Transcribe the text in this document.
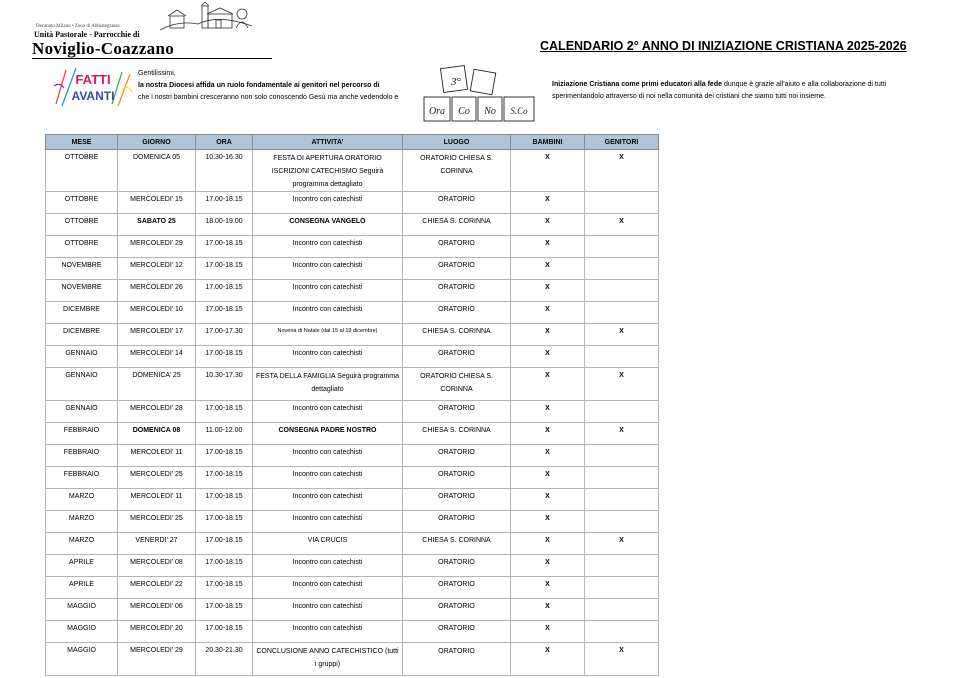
Decanato Milano • Zona di Abbiategrasso
Unità Pastorale - Parrocchie di
Noviglio-Coazzano	CALENDARIO 2° ANNO DI INIZIAZIONE CRISTIANA 2025-2026
FATTI
AVANTI
Gentilissimi,
la nostra Diocesi affida un ruolo fondamentale ai genitori nel percorso di
che i nostri bambini cresceranno non solo conoscendo Gesù ma anche vedendolo e
3°
Ora Co No S.Co
Iniziazione Cristiana come primi educatori alla fede dunque è grazie all’aiuto e alla collaborazione di tutti
sperimentandolo attraverso di noi nella comunità dei cristiani che siamo tutti noi insieme.
MESE	GIORNO	ORA	ATTIVITA’	LUOGO	BAMBINI	GENITORI
OTTOBRE	DOMENICA 05	10.30-16.30	FESTA DI APERTURA ORATORIO ISCRIZIONI CATECHISMO Seguirà programma dettagliato	ORATORIO CHIESA S. CORINNA	X	X
OTTOBRE	MERCOLEDI’ 15	17.00-18.15	Incontro con catechisti	ORATORIO	X	
OTTOBRE	SABATO 25	18.00-19.00	CONSEGNA VANGELO	CHIESA S. CORINNA	X	X
OTTOBRE	MERCOLEDI’ 29	17.00-18.15	Incontro con catechisti	ORATORIO	X	
NOVEMBRE	MERCOLEDI’ 12	17.00-18.15	Incontro con catechisti	ORATORIO	X	
NOVEMBRE	MERCOLEDI’ 26	17.00-18.15	Incontro con catechisti	ORATORIO	X	
DICEMBRE	MERCOLEDI’ 10	17.00-18.15	Incontro con catechisti	ORATORIO	X	
DICEMBRE	MERCOLEDI’ 17	17.00-17.30	Novena di Natale (dal 15 al 19 dicembre)	CHIESA S. CORINNA	X	X
GENNAIO	MERCOLEDI’ 14	17.00-18.15	Incontro con catechisti	ORATORIO	X	
GENNAIO	DOMENICA’ 25	10.30-17.30	FESTA DELLA FAMIGLIA Seguirà programma dettagliato	ORATORIO CHIESA S. CORINNA	X	X
GENNAIO	MERCOLEDI’ 28	17.00-18.15	Incontro con catechisti	ORATORIO	X	
FEBBRAIO	DOMENICA 08	11.00-12.00	CONSEGNA PADRE NOSTRO	CHIESA S. CORINNA	X	X
FEBBRAIO	MERCOLEDI’ 11	17.00-18.15	Incontro con catechisti	ORATORIO	X	
FEBBRAIO	MERCOLEDI’ 25	17.00-18.15	Incontro con catechisti	ORATORIO	X	
MARZO	MERCOLEDI’ 11	17.00-18.15	Incontro con catechisti	ORATORIO	X	
MARZO	MERCOLEDI’ 25	17.00-18.15	Incontro con catechisti	ORATORIO	X	
MARZO	VENERDI’ 27	17.00-18.15	VIA CRUCIS	CHIESA S. CORINNA	X	X
APRILE	MERCOLEDI’ 08	17.00-18.15	Incontro con catechisti	ORATORIO	X	
APRILE	MERCOLEDI’ 22	17.00-18.15	Incontro con catechisti	ORATORIO	X	
MAGGIO	MERCOLEDI’ 06	17.00-18.15	Incontro con catechisti	ORATORIO	X	
MAGGIO	MERCOLEDI’ 20	17.00-18.15	Incontro con catechisti	ORATORIO	X	
MAGGIO	MERCOLEDI’ 29	20.30-21.30	CONCLUSIONE ANNO CATECHISTICO (tutti i gruppi)	ORATORIO	X	X
